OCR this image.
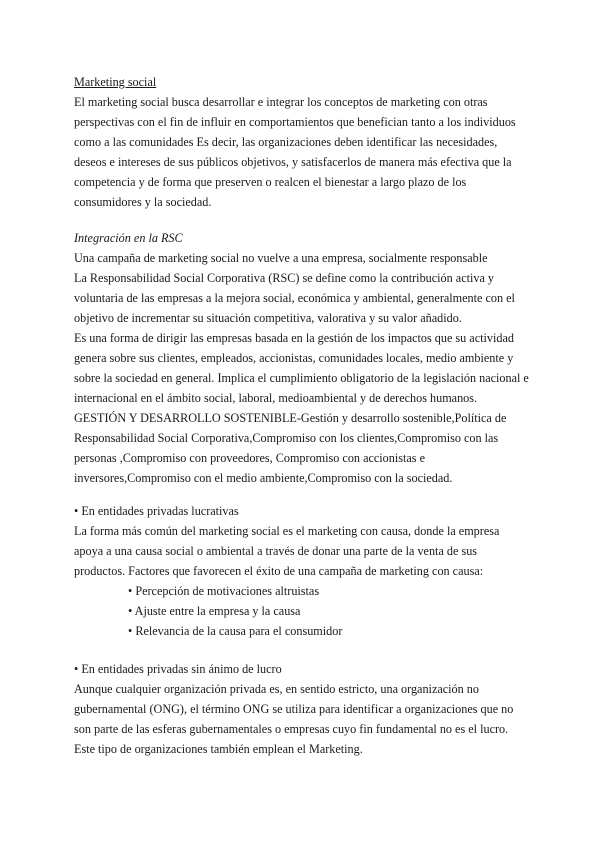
Marketing social
El marketing social busca desarrollar e integrar los conceptos de marketing con otras
perspectivas con el fin de influir en comportamientos que benefician tanto a los individuos
como a las comunidades Es decir, las organizaciones deben identificar las necesidades,
deseos e intereses de sus públicos objetivos, y satisfacerlos de manera más efectiva que la
competencia y de forma que preserven o realcen el bienestar a largo plazo de los
consumidores y la sociedad.
Integración en la RSC
Una campaña de marketing social no vuelve a una empresa, socialmente responsable
La Responsabilidad Social Corporativa (RSC) se define como la contribución activa y
voluntaria de las empresas a la mejora social, económica y ambiental, generalmente con el
objetivo de incrementar su situación competitiva, valorativa y su valor añadido.
Es una forma de dirigir las empresas basada en la gestión de los impactos que su actividad
genera sobre sus clientes, empleados, accionistas, comunidades locales, medio ambiente y
sobre la sociedad en general. Implica el cumplimiento obligatorio de la legislación nacional e
internacional en el ámbito social, laboral, medioambiental y de derechos humanos.
GESTIÓN Y DESARROLLO SOSTENIBLE-Gestión y desarrollo sostenible,Política de
Responsabilidad Social Corporativa,Compromiso con los clientes,Compromiso con las
personas ,Compromiso con proveedores, Compromiso con accionistas e
inversores,Compromiso con el medio ambiente,Compromiso con la sociedad.
• En entidades privadas lucrativas
La forma más común del marketing social es el marketing con causa, donde la empresa
apoya a una causa social o ambiental a través de donar una parte de la venta de sus
productos. Factores que favorecen el éxito de una campaña de marketing con causa:
• Percepción de motivaciones altruistas
• Ajuste entre la empresa y la causa
• Relevancia de la causa para el consumidor
• En entidades privadas sin ánimo de lucro
Aunque cualquier organización privada es, en sentido estricto, una organización no
gubernamental (ONG), el término ONG se utiliza para identificar a organizaciones que no
son parte de las esferas gubernamentales o empresas cuyo fin fundamental no es el lucro.
Este tipo de organizaciones también emplean el Marketing.
